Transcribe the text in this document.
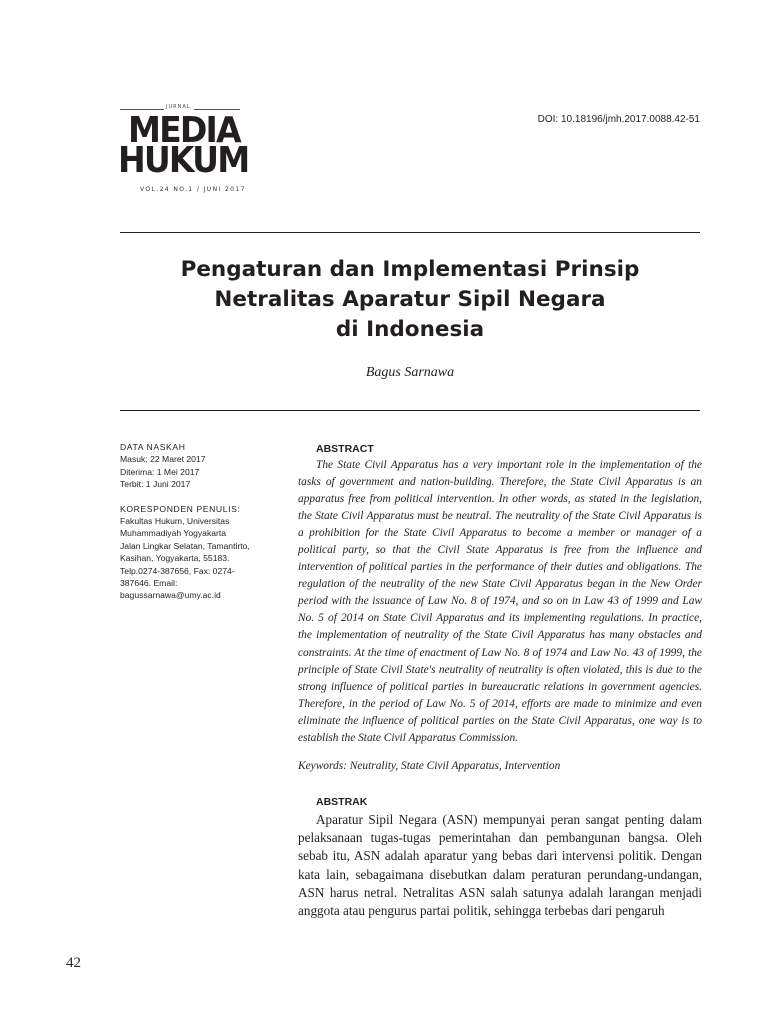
JURNAL
MEDIA
HUKUM
VOL.24 NO.1 / JUNI 2017
DOI: 10.18196/jmh.2017.0088.42-51
Pengaturan dan Implementasi Prinsip
Netralitas Aparatur Sipil Negara
di Indonesia
Bagus Sarnawa
DATA NASKAH
Masuk: 22 Maret 2017
Diterima: 1 Mei 2017
Terbit: 1 Juni 2017
KORESPONDEN PENULIS:
Fakultas Hukum, Universitas
Muhammadiyah Yogyakarta
Jalan Lingkar Selatan, Tamantirto,
Kasihan, Yogyakarta, 55183.
Telp.0274-387656, Fax: 0274-
387646. Email:
bagussarnawa@umy.ac.id
ABSTRACT
The State Civil Apparatus has a very important role in the implementation of the tasks of government and nation-building. Therefore, the State Civil Apparatus is an apparatus free from political intervention. In other words, as stated in the legislation, the State Civil Apparatus must be neutral. The neutrality of the State Civil Apparatus is a prohibition for the State Civil Apparatus to become a member or manager of a political party, so that the Civil State Apparatus is free from the influence and intervention of political parties in the performance of their duties and obligations. The regulation of the neutrality of the new State Civil Apparatus began in the New Order period with the issuance of Law No. 8 of 1974, and so on in Law 43 of 1999 and Law No. 5 of 2014 on State Civil Apparatus and its implementing regulations. In practice, the implementation of neutrality of the State Civil Apparatus has many obstacles and constraints. At the time of enactment of Law No. 8 of 1974 and Law No. 43 of 1999, the principle of State Civil State's neutrality of neutrality is often violated, this is due to the strong influence of political parties in bureaucratic relations in government agencies. Therefore, in the period of Law No. 5 of 2014, efforts are made to minimize and even eliminate the influence of political parties on the State Civil Apparatus, one way is to establish the State Civil Apparatus Commission.
Keywords: Neutrality, State Civil Apparatus, Intervention
ABSTRAK
Aparatur Sipil Negara (ASN) mempunyai peran sangat penting dalam pelaksanaan tugas-tugas pemerintahan dan pembangunan bangsa. Oleh sebab itu, ASN adalah aparatur yang bebas dari intervensi politik. Dengan kata lain, sebagaimana disebutkan dalam peraturan perundang-undangan, ASN harus netral. Netralitas ASN salah satunya adalah larangan menjadi anggota atau pengurus partai politik, sehingga terbebas dari pengaruh
42
